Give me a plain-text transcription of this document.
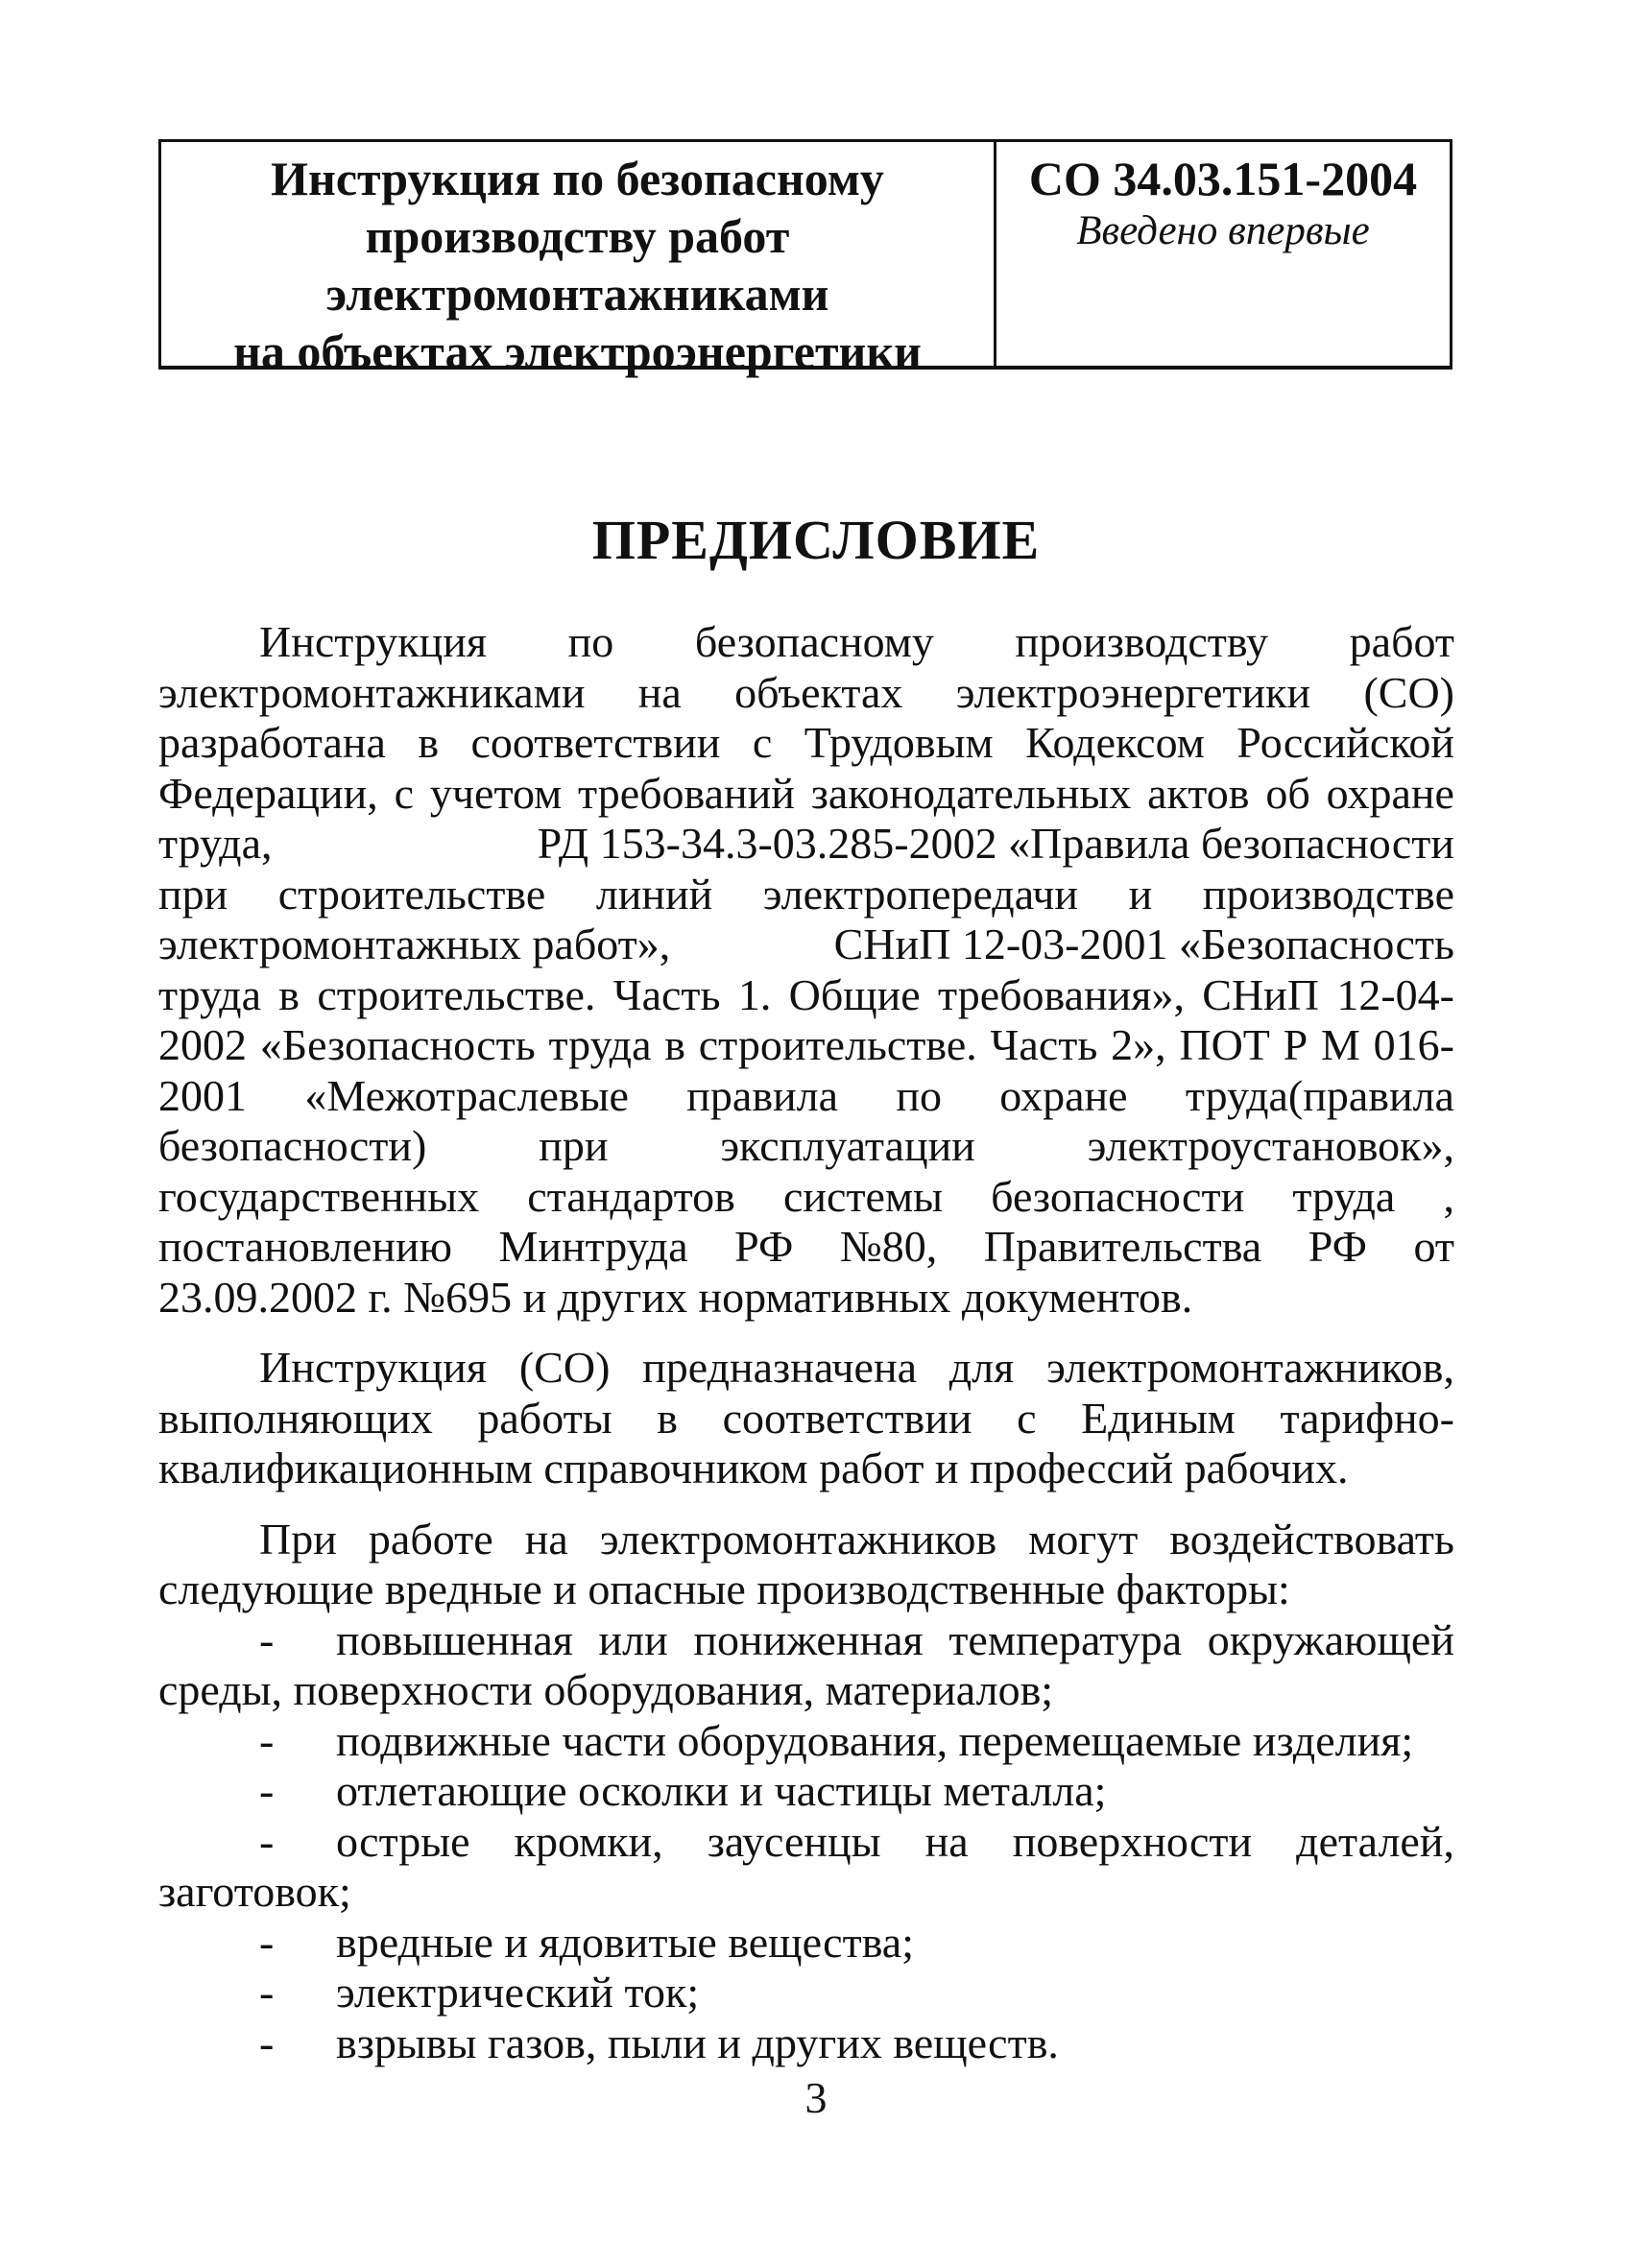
Инструкция по безопасному
производству работ
электромонтажниками
на объектах электроэнергетики
СО 34.03.151-2004
Введено впервые
ПРЕДИСЛОВИЕ
Инструкция по безопасному производству работ
электромонтажниками на объектах электроэнергетики (СО)
разработана в соответствии с Трудовым Кодексом Российской
Федерации, с учетом требований законодательных актов об охране
труда,	РД 153-34.3-03.285-2002 «Правила безопасности
при строительстве линий электропередачи и производстве
электромонтажных работ»,	СНиП 12-03-2001 «Безопасность
труда в строительстве. Часть 1. Общие требования», СНиП 12-04-
2002 «Безопасность труда в строительстве. Часть 2», ПОТ Р М 016-
2001 «Межотраслевые правила по охране труда(правила
безопасности)	при	эксплуатации	электроустановок»,
государственных стандартов системы безопасности труда ,
постановлению Минтруда РФ №80, Правительства РФ от
23.09.2002 г. №695 и других нормативных документов.
Инструкция (СО) предназначена для электромонтажников,
выполняющих работы в соответствии с Единым тарифно-
квалификационным справочником работ и профессий рабочих.
При работе на электромонтажников могут воздействовать
следующие вредные и опасные производственные факторы:
-	повышенная или пониженная температура окружающей
среды, поверхности оборудования, материалов;
-	подвижные части оборудования, перемещаемые изделия;
-	отлетающие осколки и частицы металла;
-	острые кромки, заусенцы на поверхности деталей,
заготовок;
-	вредные и ядовитые вещества;
-	электрический ток;
-	взрывы газов, пыли и других веществ.
3
